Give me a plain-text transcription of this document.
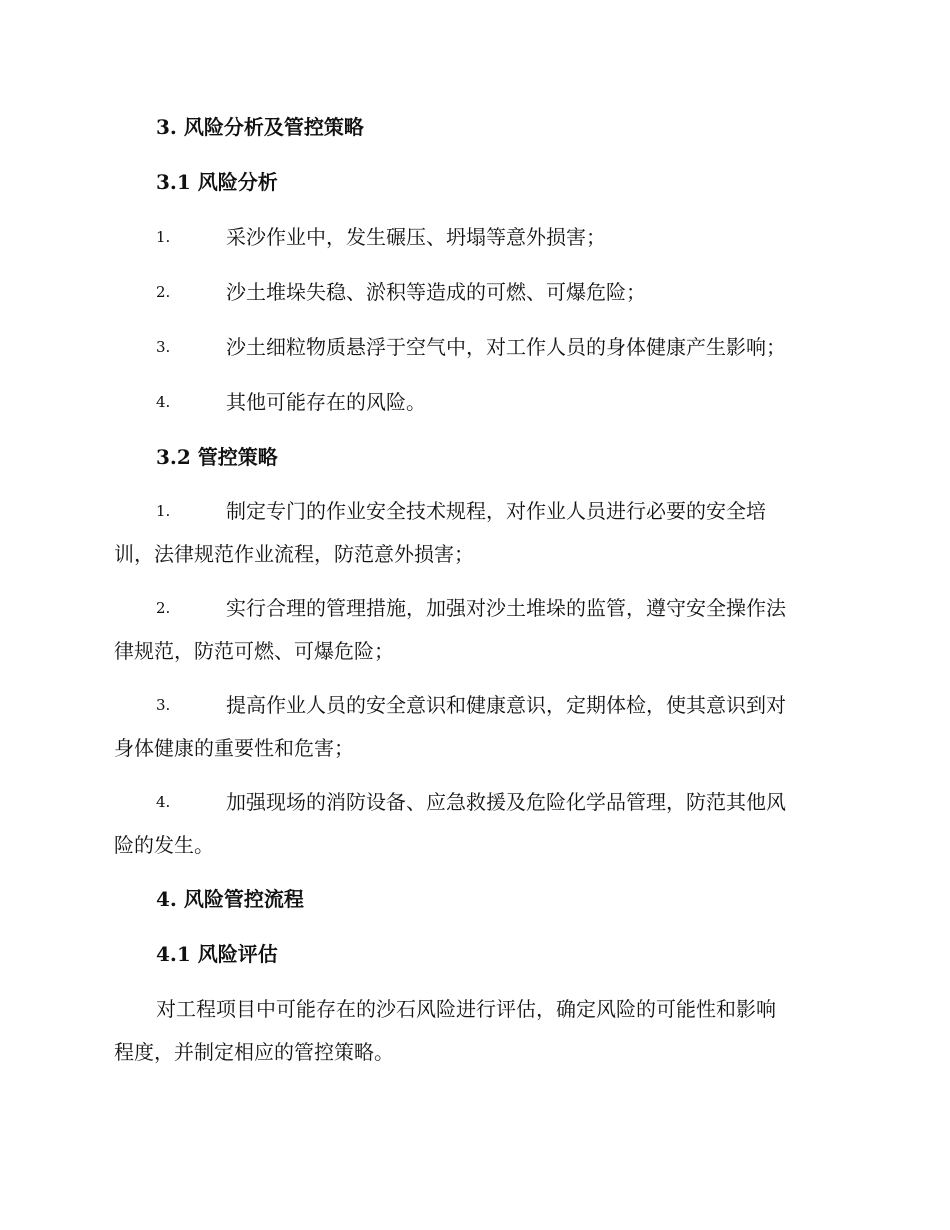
3. 风险分析及管控策略
3.1 风险分析
1.	采沙作业中，发生碾压、坍塌等意外损害；
2.	沙土堆垛失稳、淤积等造成的可燃、可爆危险；
3.	沙土细粒物质悬浮于空气中，对工作人员的身体健康产生影响；
4.	其他可能存在的风险。
3.2 管控策略
1.	制定专门的作业安全技术规程，对作业人员进行必要的安全培
训，法律规范作业流程，防范意外损害；
2.	实行合理的管理措施，加强对沙土堆垛的监管，遵守安全操作法
律规范，防范可燃、可爆危险；
3.	提高作业人员的安全意识和健康意识，定期体检，使其意识到对
身体健康的重要性和危害；
4.	加强现场的消防设备、应急救援及危险化学品管理，防范其他风
险的发生。
4. 风险管控流程
4.1 风险评估
对工程项目中可能存在的沙石风险进行评估，确定风险的可能性和影响
程度，并制定相应的管控策略。
